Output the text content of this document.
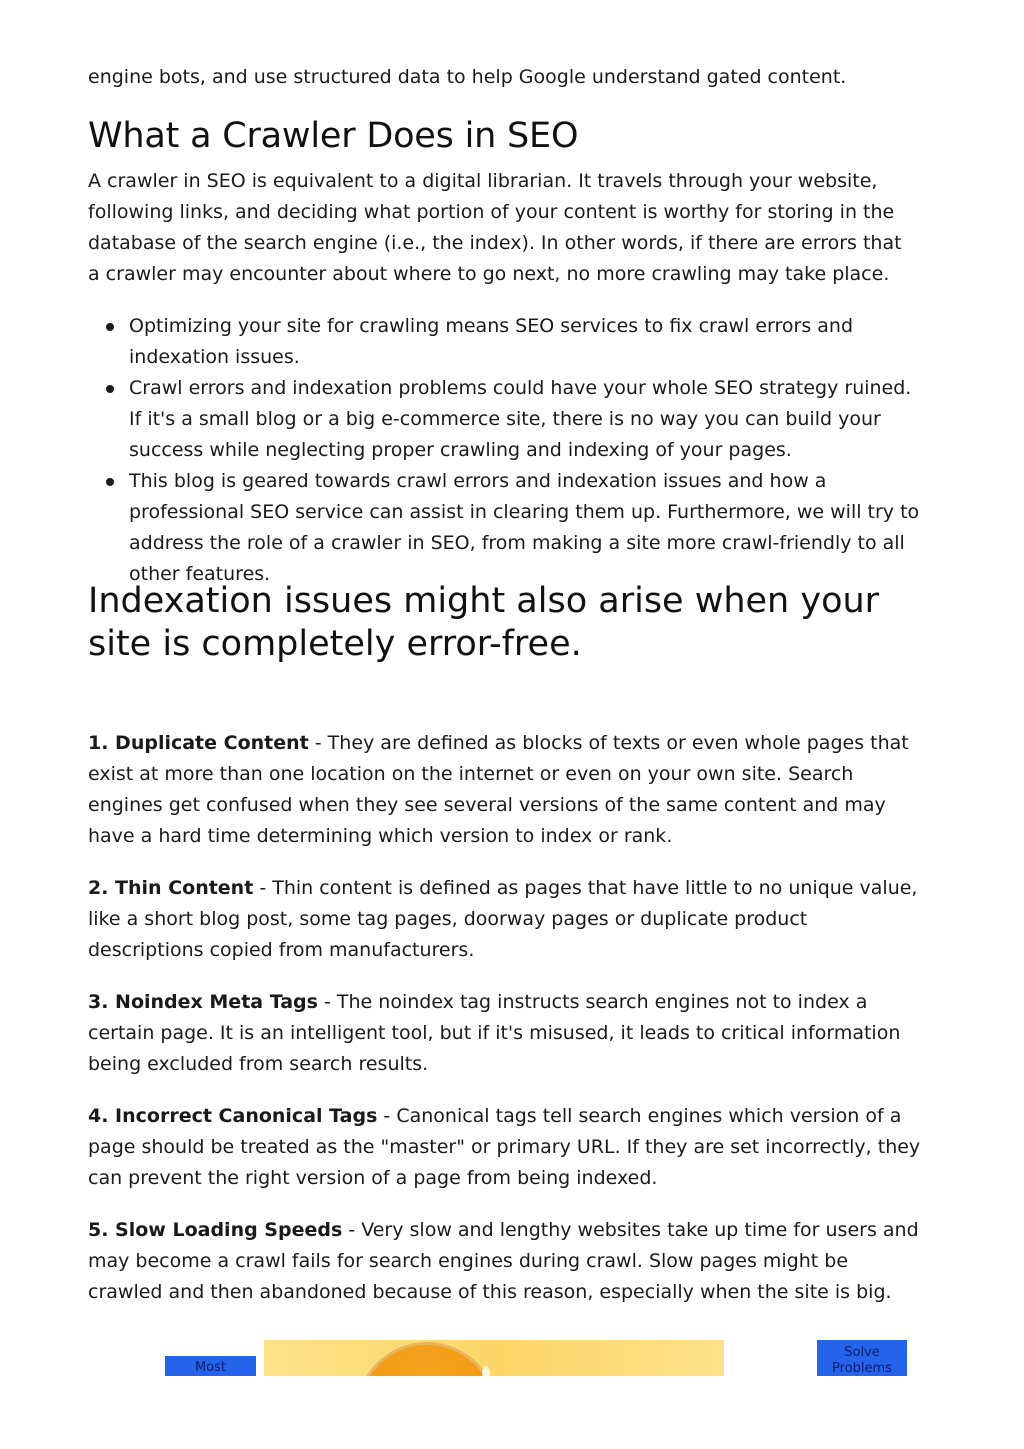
engine bots, and use structured data to help Google understand gated content.

What a Crawler Does in SEO

A crawler in SEO is equivalent to a digital librarian. It travels through your website, following links, and deciding what portion of your content is worthy for storing in the database of the search engine (i.e., the index). In other words, if there are errors that a crawler may encounter about where to go next, no more crawling may take place.

Optimizing your site for crawling means SEO services to fix crawl errors and indexation issues.
Crawl errors and indexation problems could have your whole SEO strategy ruined. If it's a small blog or a big e-commerce site, there is no way you can build your success while neglecting proper crawling and indexing of your pages.
This blog is geared towards crawl errors and indexation issues and how a professional SEO service can assist in clearing them up. Furthermore, we will try to address the role of a crawler in SEO, from making a site more crawl-friendly to all other features.
Indexation issues might also arise when your site is completely error-free.

1. Duplicate Content - They are defined as blocks of texts or even whole pages that exist at more than one location on the internet or even on your own site. Search engines get confused when they see several versions of the same content and may have a hard time determining which version to index or rank.

2. Thin Content - Thin content is defined as pages that have little to no unique value, like a short blog post, some tag pages, doorway pages or duplicate product descriptions copied from manufacturers.

3. Noindex Meta Tags - The noindex tag instructs search engines not to index a certain page. It is an intelligent tool, but if it's misused, it leads to critical information being excluded from search results.

4. Incorrect Canonical Tags - Canonical tags tell search engines which version of a page should be treated as the "master" or primary URL. If they are set incorrectly, they can prevent the right version of a page from being indexed.

5. Slow Loading Speeds - Very slow and lengthy websites take up time for users and may become a crawl fails for search engines during crawl. Slow pages might be crawled and then abandoned because of this reason, especially when the site is big.

Most
Solve
Problems
